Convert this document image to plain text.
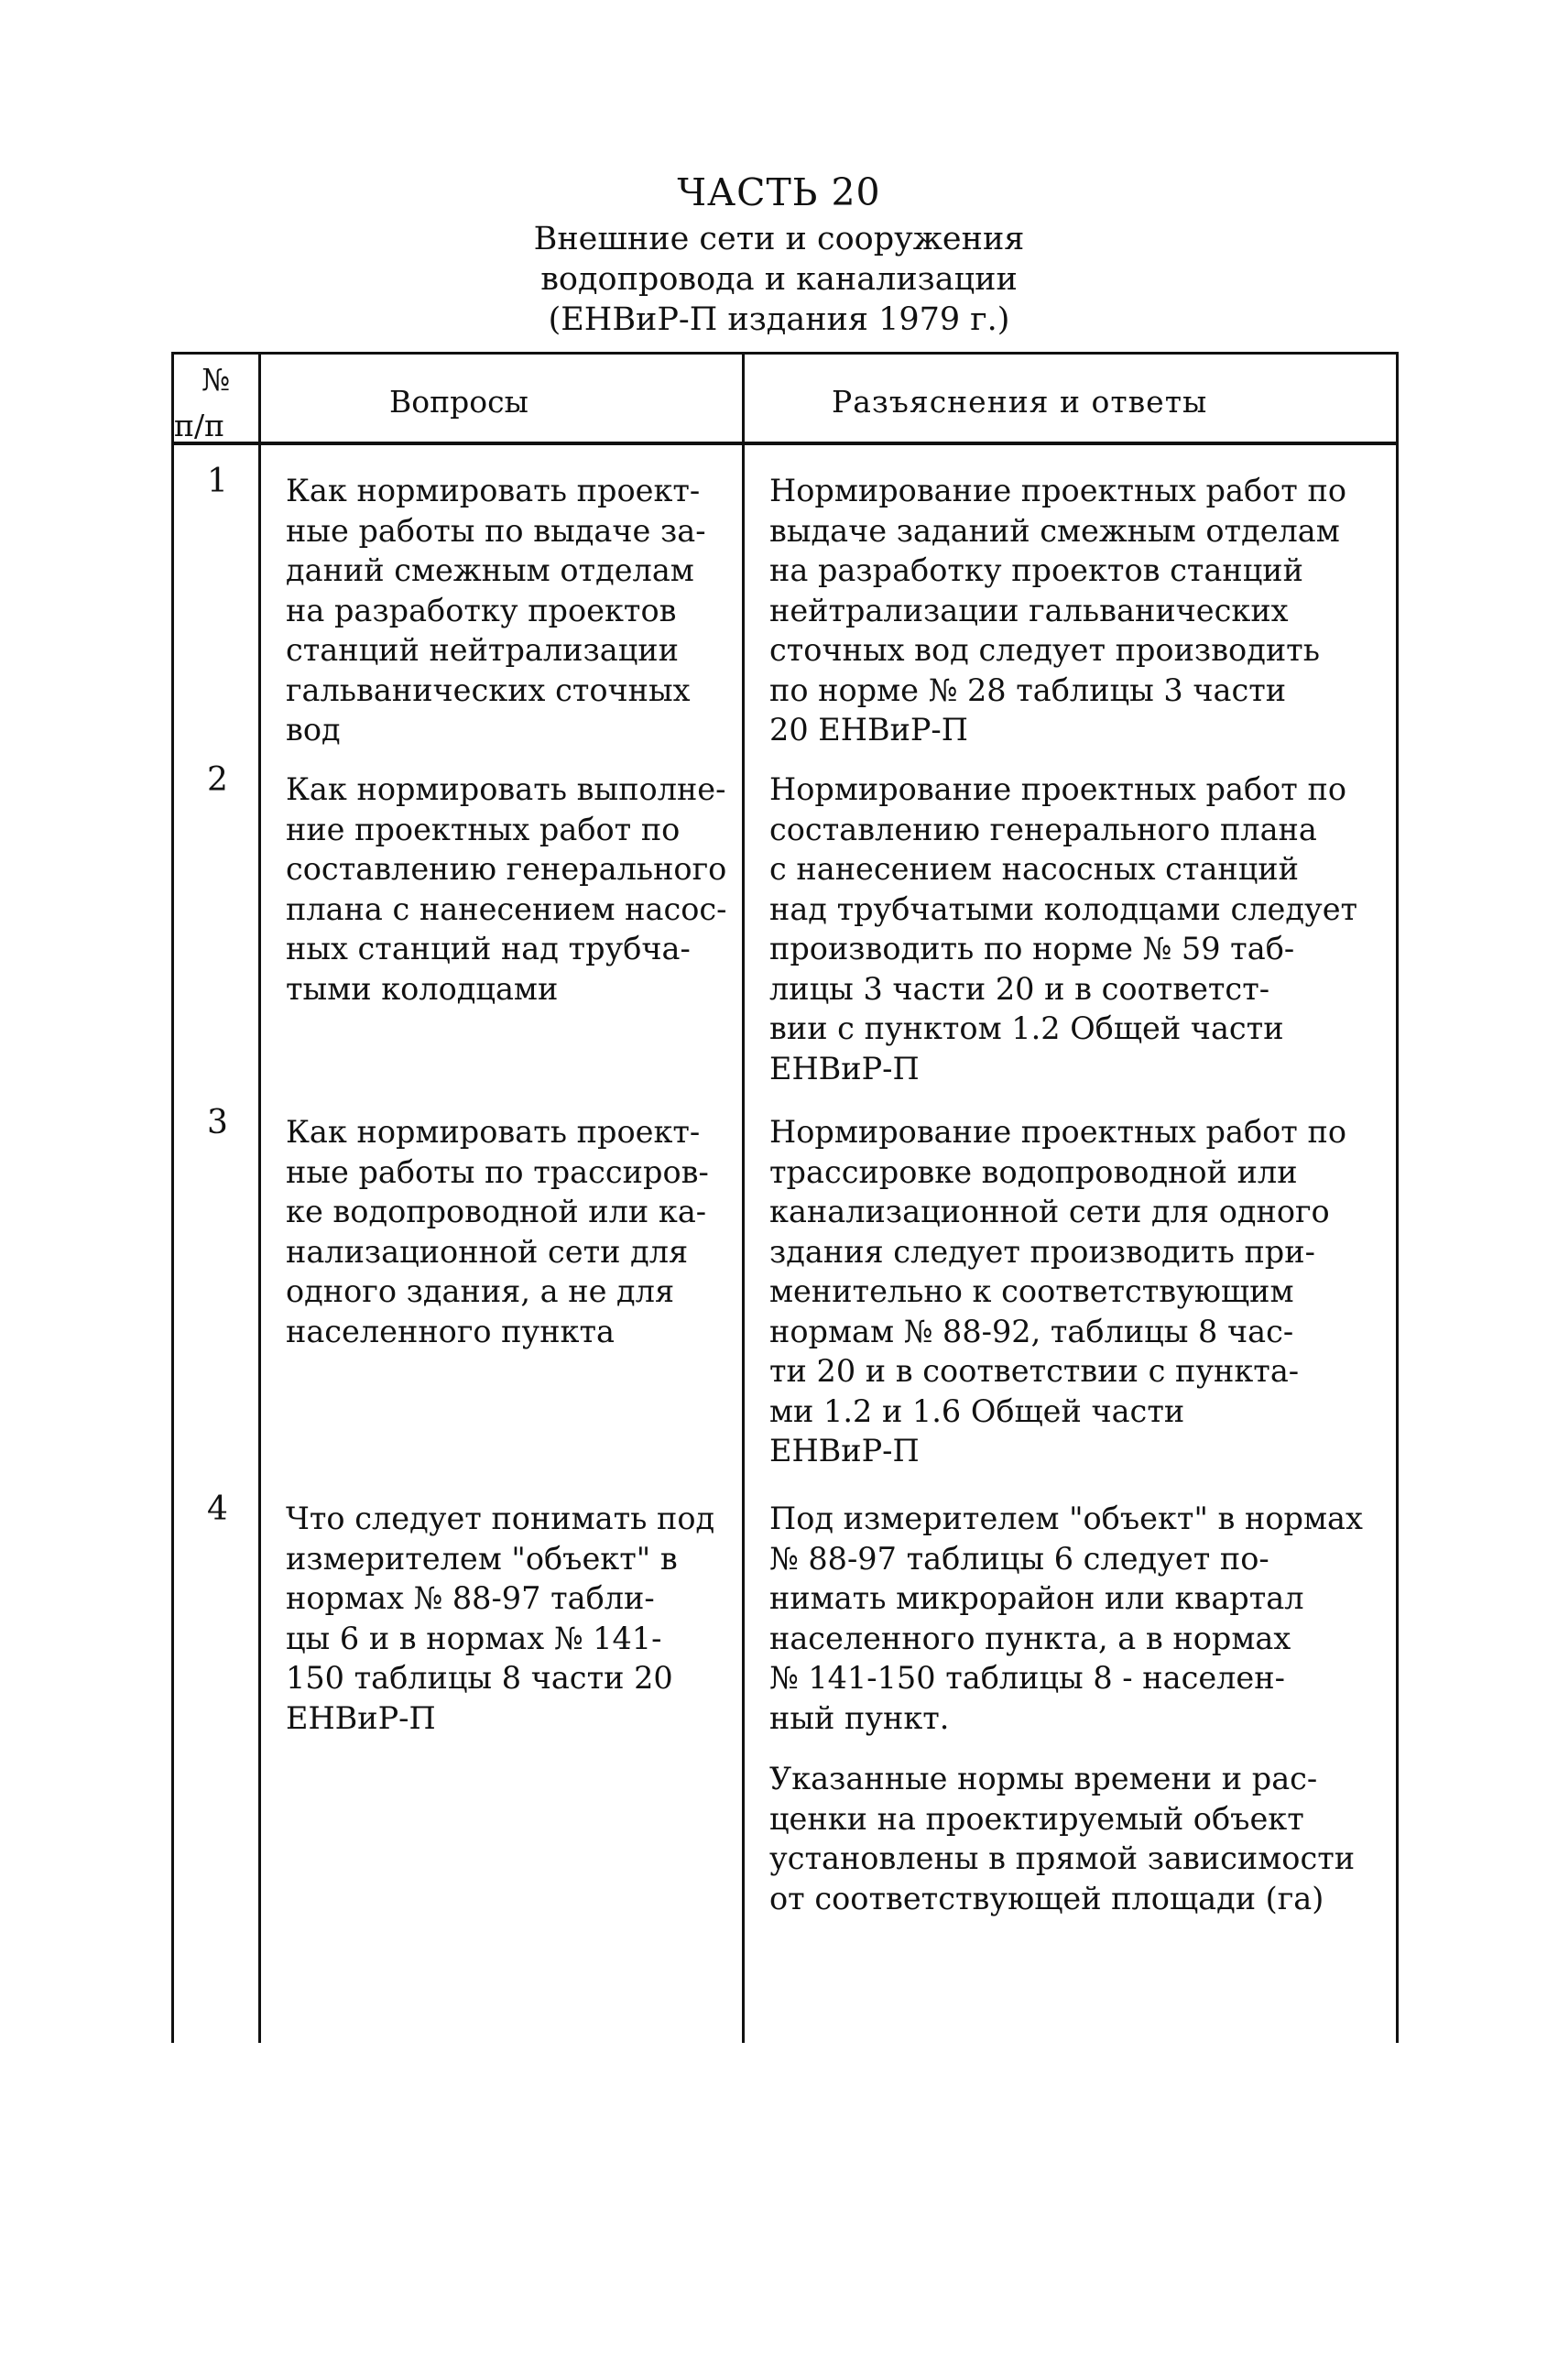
ЧАСТЬ 20
Внешние сети и сооружения
водопровода и канализации
(ЕНВиР-П издания 1979 г.)
№
п/п
Вопросы	Разъяснения и ответы
1 Как нормировать проект-
ные работы по выдаче за-
даний смежным отделам
на разработку проектов
станций нейтрализации
гальванических сточных
вод
Нормирование проектных работ по
выдаче заданий смежным отделам
на разработку проектов станций
нейтрализации гальванических
сточных вод следует производить
по норме № 28 таблицы 3 части
20 ЕНВиР-П
2 Как нормировать выполне-
ние проектных работ по
составлению генерального
плана с нанесением насос-
ных станций над трубча-
тыми колодцами
Нормирование проектных работ по
составлению генерального плана
с нанесением насосных станций
над трубчатыми колодцами следует
производить по норме № 59 таб-
лицы 3 части 20 и в соответст-
вии с пунктом 1.2 Общей части
ЕНВиР-П
3 Как нормировать проект-
ные работы по трассиров-
ке водопроводной или ка-
нализационной сети для
одного здания, а не для
населенного пункта
Нормирование проектных работ по
трассировке водопроводной или
канализационной сети для одного
здания следует производить при-
менительно к соответствующим
нормам № 88-92, таблицы 8 час-
ти 20 и в соответствии с пункта-
ми 1.2 и 1.6 Общей части
ЕНВиР-П
4 Что следует понимать под
измерителем "объект" в
нормах № 88-97 табли-
цы 6 и в нормах № 141-
150 таблицы 8 части 20
ЕНВиР-П
Под измерителем "объект" в нормах
№ 88-97 таблицы 6 следует по-
нимать микрорайон или квартал
населенного пункта, а в нормах
№ 141-150 таблицы 8 - населен-
ный пункт.
Указанные нормы времени и рас-
ценки на проектируемый объект
установлены в прямой зависимости
от соответствующей площади (га)
